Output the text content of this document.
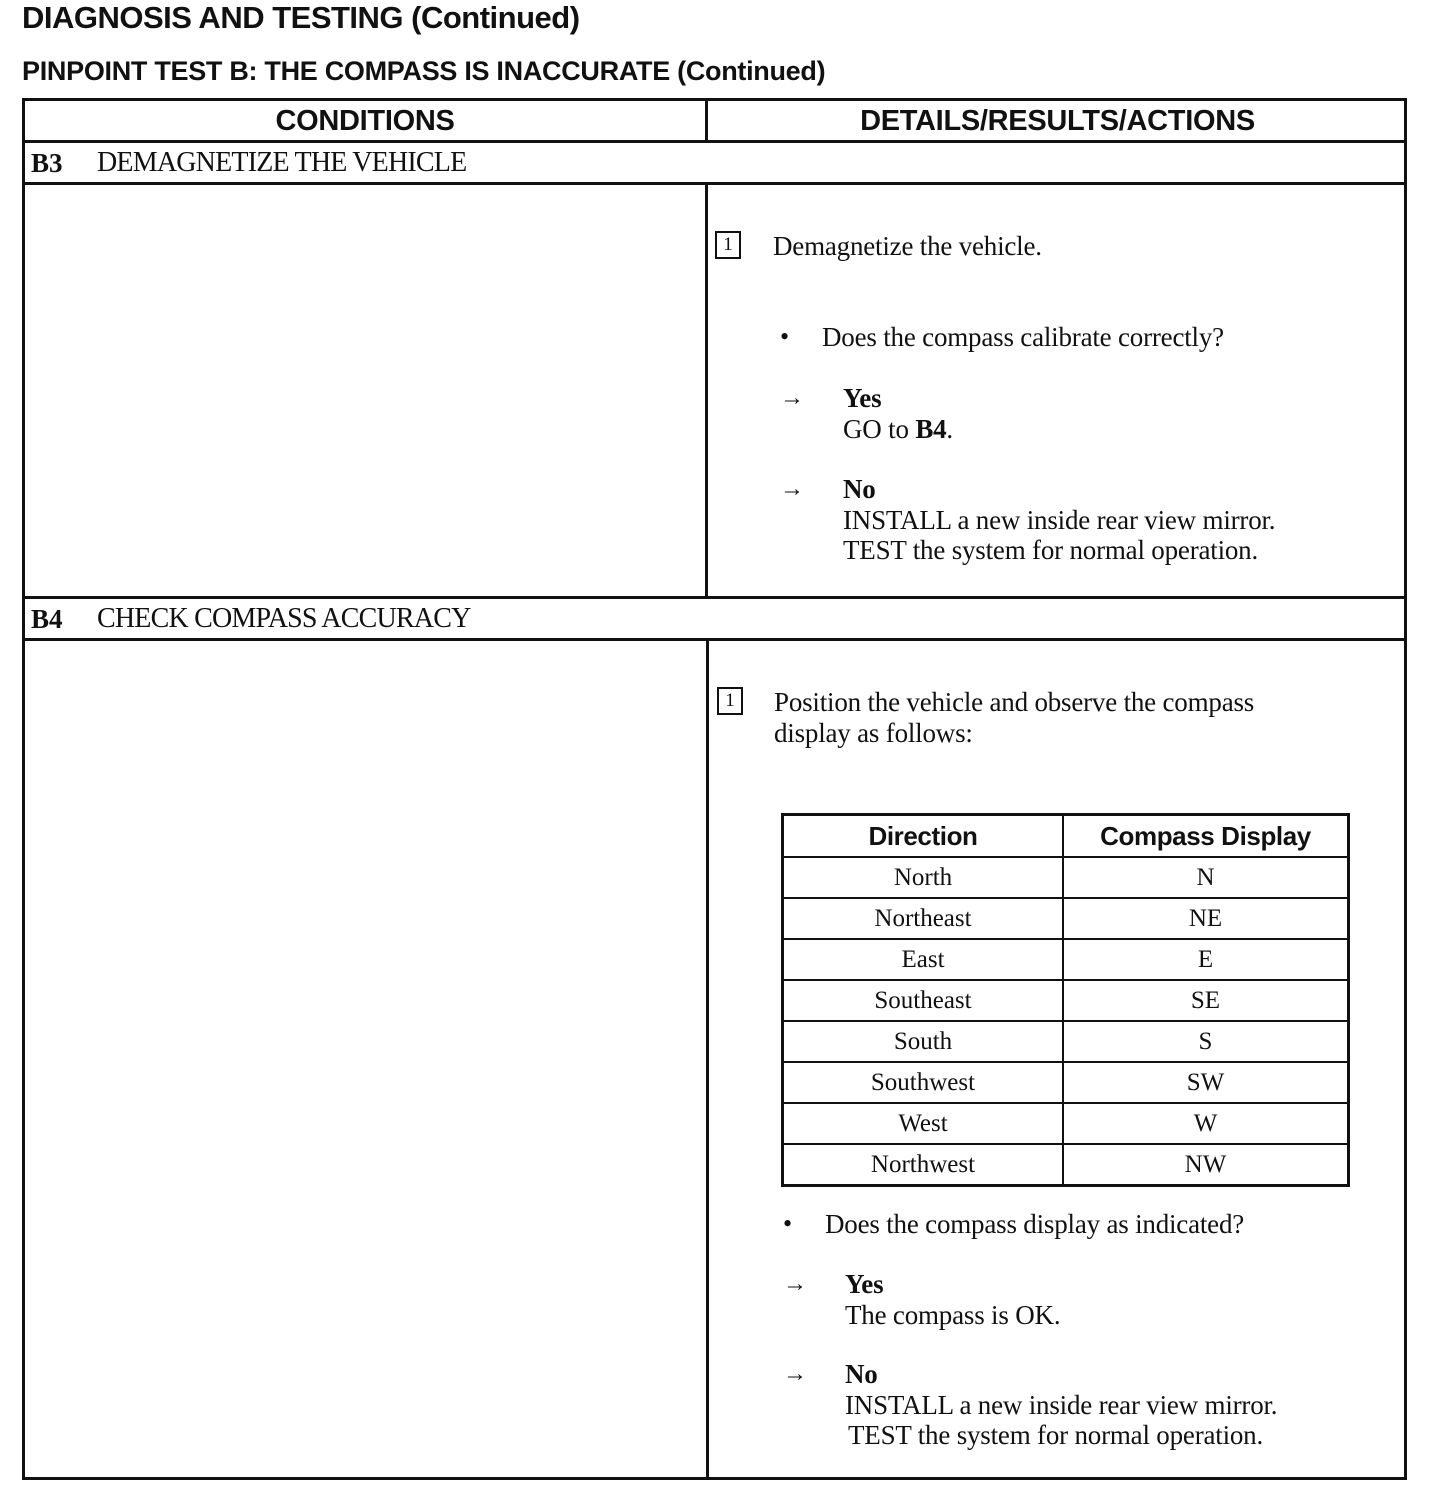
DIAGNOSIS AND TESTING (Continued)
PINPOINT TEST B: THE COMPASS IS INACCURATE (Continued)
CONDITIONS	DETAILS/RESULTS/ACTIONS
B3 DEMAGNETIZE THE VEHICLE
1	Demagnetize the vehicle.
• Does the compass calibrate correctly?
→ Yes
GO to B4.
→ No
INSTALL a new inside rear view mirror.
TEST the system for normal operation.
B4 CHECK COMPASS ACCURACY
1	Position the vehicle and observe the compass
display as follows:
Direction	Compass Display
North	N
Northeast	NE
East	E
Southeast	SE
South	S
Southwest	SW
West	W
Northwest	NW
• Does the compass display as indicated?
→ Yes
The compass is OK.
→ No
INSTALL a new inside rear view mirror.
TEST the system for normal operation.
